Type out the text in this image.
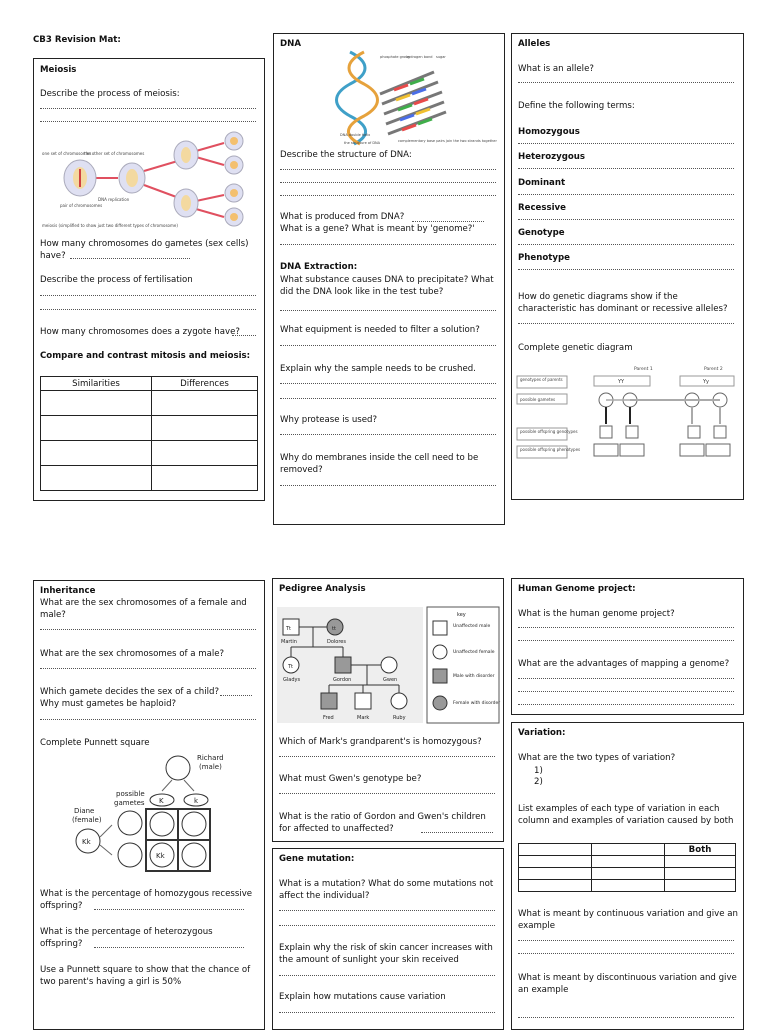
CB3 Revision Mat:
Meiosis
Describe the process of meiosis:
one set of chromosomes
the other set of chromosomes
pair of chromosomes
DNA replication
meiosis (simplified to show just two different types of chromosome)
How many chromosomes do gametes (sex cells)
have?
Describe the process of fertilisation
How many chromosomes does a zygote have?
Compare and contrast mitosis and meiosis:
Similarities	Differences

DNA
phosphate group
hydrogen bond sugar
DNA double helix
complementary base pairs join the two strands together
the structure of DNA
Describe the structure of DNA:
What is produced from DNA?
What is a gene? What is meant by 'genome?'
DNA Extraction:
What substance causes DNA to precipitate? What
did the DNA look like in the test tube?
What equipment is needed to filter a solution?
Explain why the sample needs to be crushed.
Why protease is used?
Why do membranes inside the cell need to be
removed?
Alleles
What is an allele?
Define the following terms:
Homozygous
Heterozygous
Dominant
Recessive
Genotype
Phenotype
How do genetic diagrams show if the
characteristic has dominant or recessive alleles?
Complete genetic diagram
Parent 1	Parent 2
genotypes of parents
possible gametes
possible offspring genotypes
possible offspring phenotypes
YY	Yy
Inheritance
What are the sex chromosomes of a female and
male?
What are the sex chromosomes of a male?
Which gamete decides the sex of a child?
Why must gametes be haploid?
Complete Punnett square
Richard
(male)
possible
gametes K	k
Diane
(female)
Kk
Kk
What is the percentage of homozygous recessive
offspring?
What is the percentage of heterozygous
offspring?
Use a Punnett square to show that the chance of
two parent's having a girl is 50%
Pedigree Analysis
Tt
Martin
tt
Dolores
Tt
Gladys	Gordon	Gwen
Fred	Mark	Ruby
key
Unaffected male
Unaffected female
Male with disorder
Female with disorder
Which of Mark's grandparent's is homozygous?
What must Gwen's genotype be?
What is the ratio of Gordon and Gwen's children
for affected to unaffected?
Gene mutation:
What is a mutation? What do some mutations not
affect the individual?
Explain why the risk of skin cancer increases with
the amount of sunlight your skin received
Explain how mutations cause variation
Human Genome project:
What is the human genome project?
What are the advantages of mapping a genome?
Variation:
What are the two types of variation?
1)
2)
List examples of each type of variation in each
column and examples of variation caused by both
		Both

What is meant by continuous variation and give an
example
What is meant by discontinuous variation and give
an example
